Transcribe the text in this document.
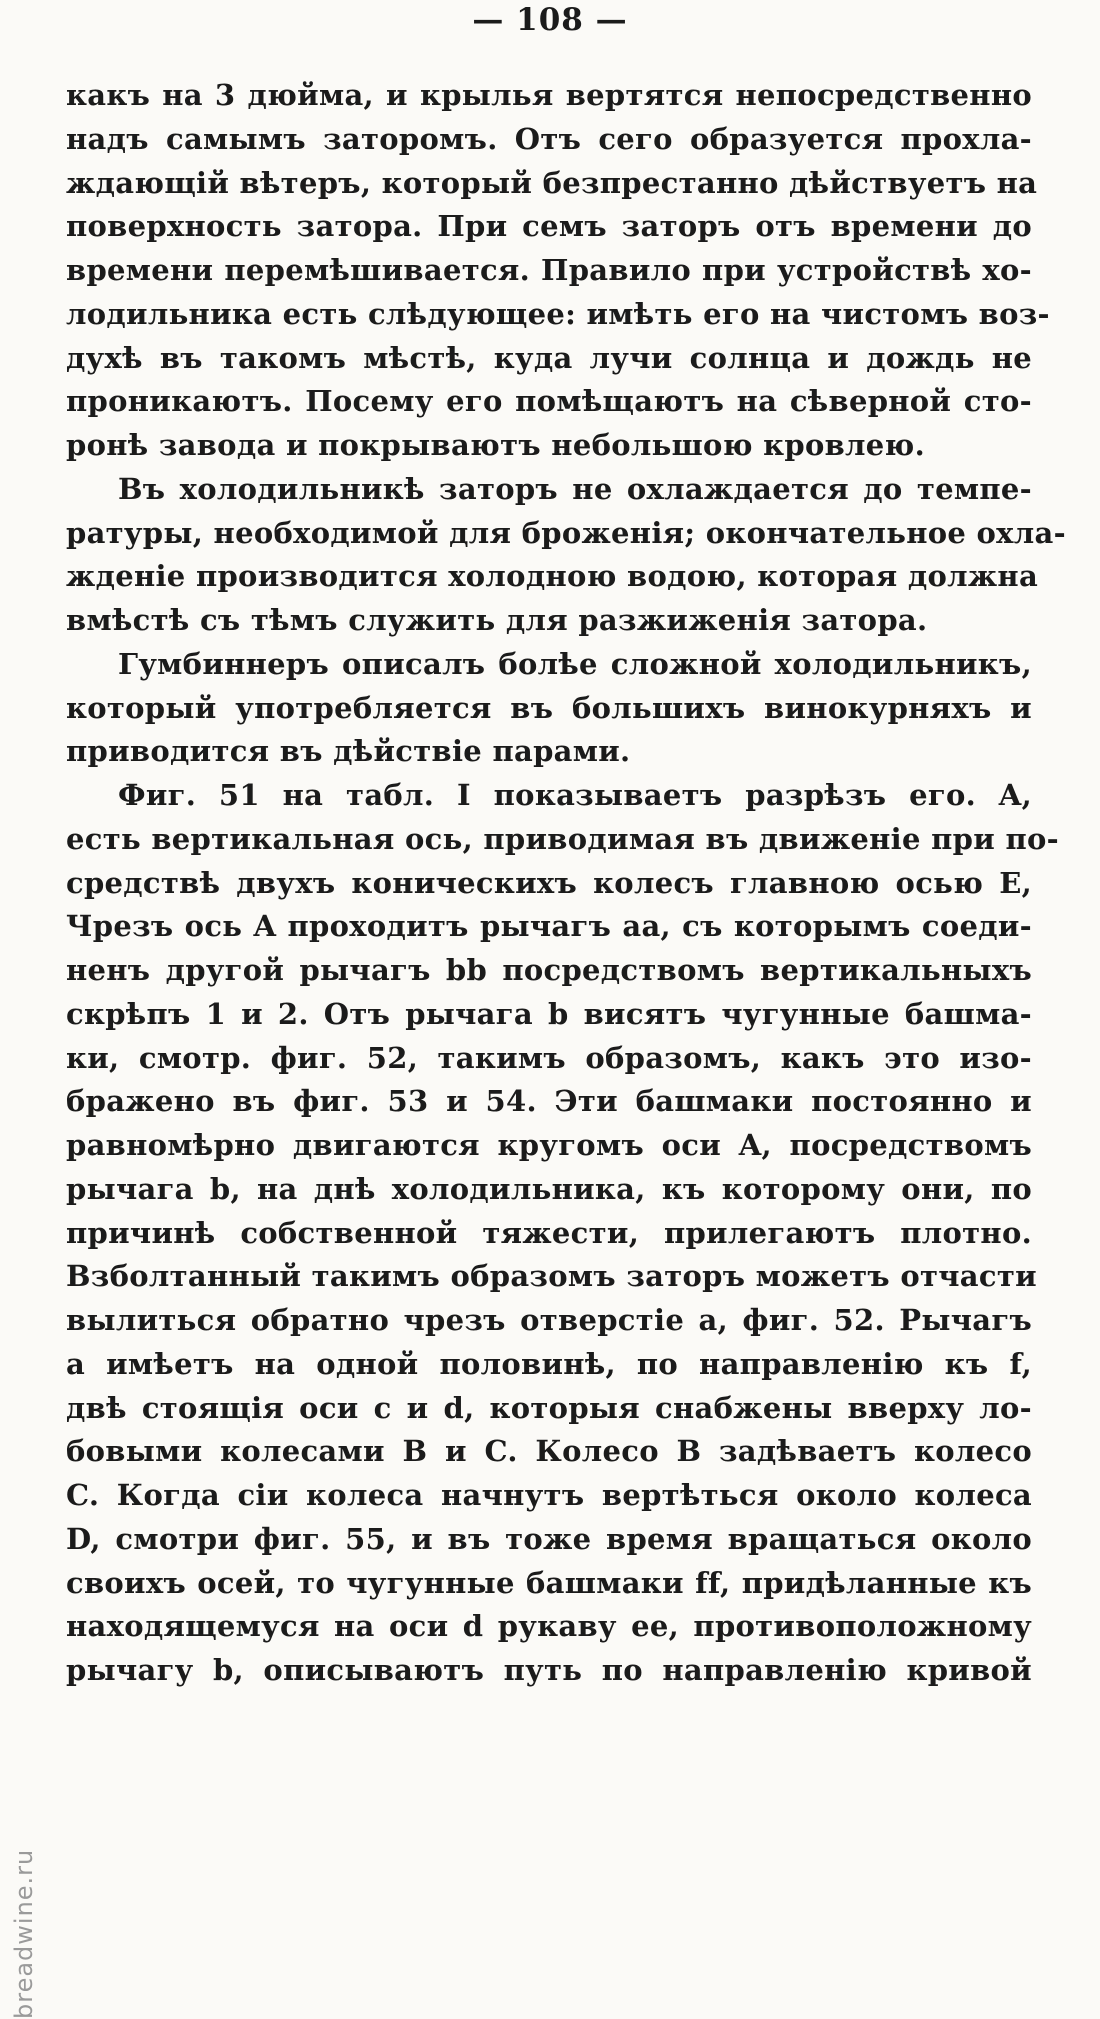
— 108 —
какъ на 3 дюйма, и крылья вертятся непосредственно
надъ самымъ заторомъ. Отъ сего образуется прохла-
ждающій вѣтеръ, который безпрестанно дѣйствуетъ на
поверхность затора. При семъ заторъ отъ времени до
времени перемѣшивается. Правило при устройствѣ хо-
лодильника есть слѣдующее: имѣть его на чистомъ воз-
духѣ въ такомъ мѣстѣ, куда лучи солнца и дождь не
проникаютъ. Посему его помѣщаютъ на сѣверной сто-
ронѣ завода и покрываютъ небольшою кровлею.
Въ холодильникѣ заторъ не охлаждается до темпе-
ратуры, необходимой для броженія; окончательное охла-
жденіе производится холодною водою, которая должна
вмѣстѣ съ тѣмъ служить для разжиженія затора.
Гумбиннеръ описалъ болѣе сложной холодильникъ,
который употребляется въ большихъ винокурняхъ и
приводится въ дѣйствіе парами.
Фиг. 51 на табл. I показываетъ разрѣзъ его. A,
есть вертикальная ось, приводимая въ движеніе при по-
средствѣ двухъ коническихъ колесъ главною осью E,
Чрезъ ось A проходитъ рычагъ aa, съ которымъ соеди-
ненъ другой рычагъ bb посредствомъ вертикальныхъ
скрѣпъ 1 и 2. Отъ рычага b висятъ чугунные башма-
ки, смотр. фиг. 52, такимъ образомъ, какъ это изо-
бражено въ фиг. 53 и 54. Эти башмаки постоянно и
равномѣрно двигаются кругомъ оси A, посредствомъ
рычага b, на днѣ холодильника, къ которому они, по
причинѣ собственной тяжести, прилегаютъ плотно.
Взболтанный такимъ образомъ заторъ можетъ отчасти
вылиться обратно чрезъ отверстіе a, фиг. 52. Рычагъ
a имѣетъ на одной половинѣ, по направленію къ f,
двѣ стоящія оси c и d, которыя снабжены вверху ло-
бовыми колесами B и C. Колесо B задѣваетъ колесо
C. Когда сіи колеса начнутъ вертѣться около колеса
D, смотри фиг. 55, и въ тоже время вращаться около
своихъ осей, то чугунные башмаки ff, придѣланные къ
находящемуся на оси d рукаву ee, противоположному
рычагу b, описываютъ путь по направленію кривой
breadwine.ru
